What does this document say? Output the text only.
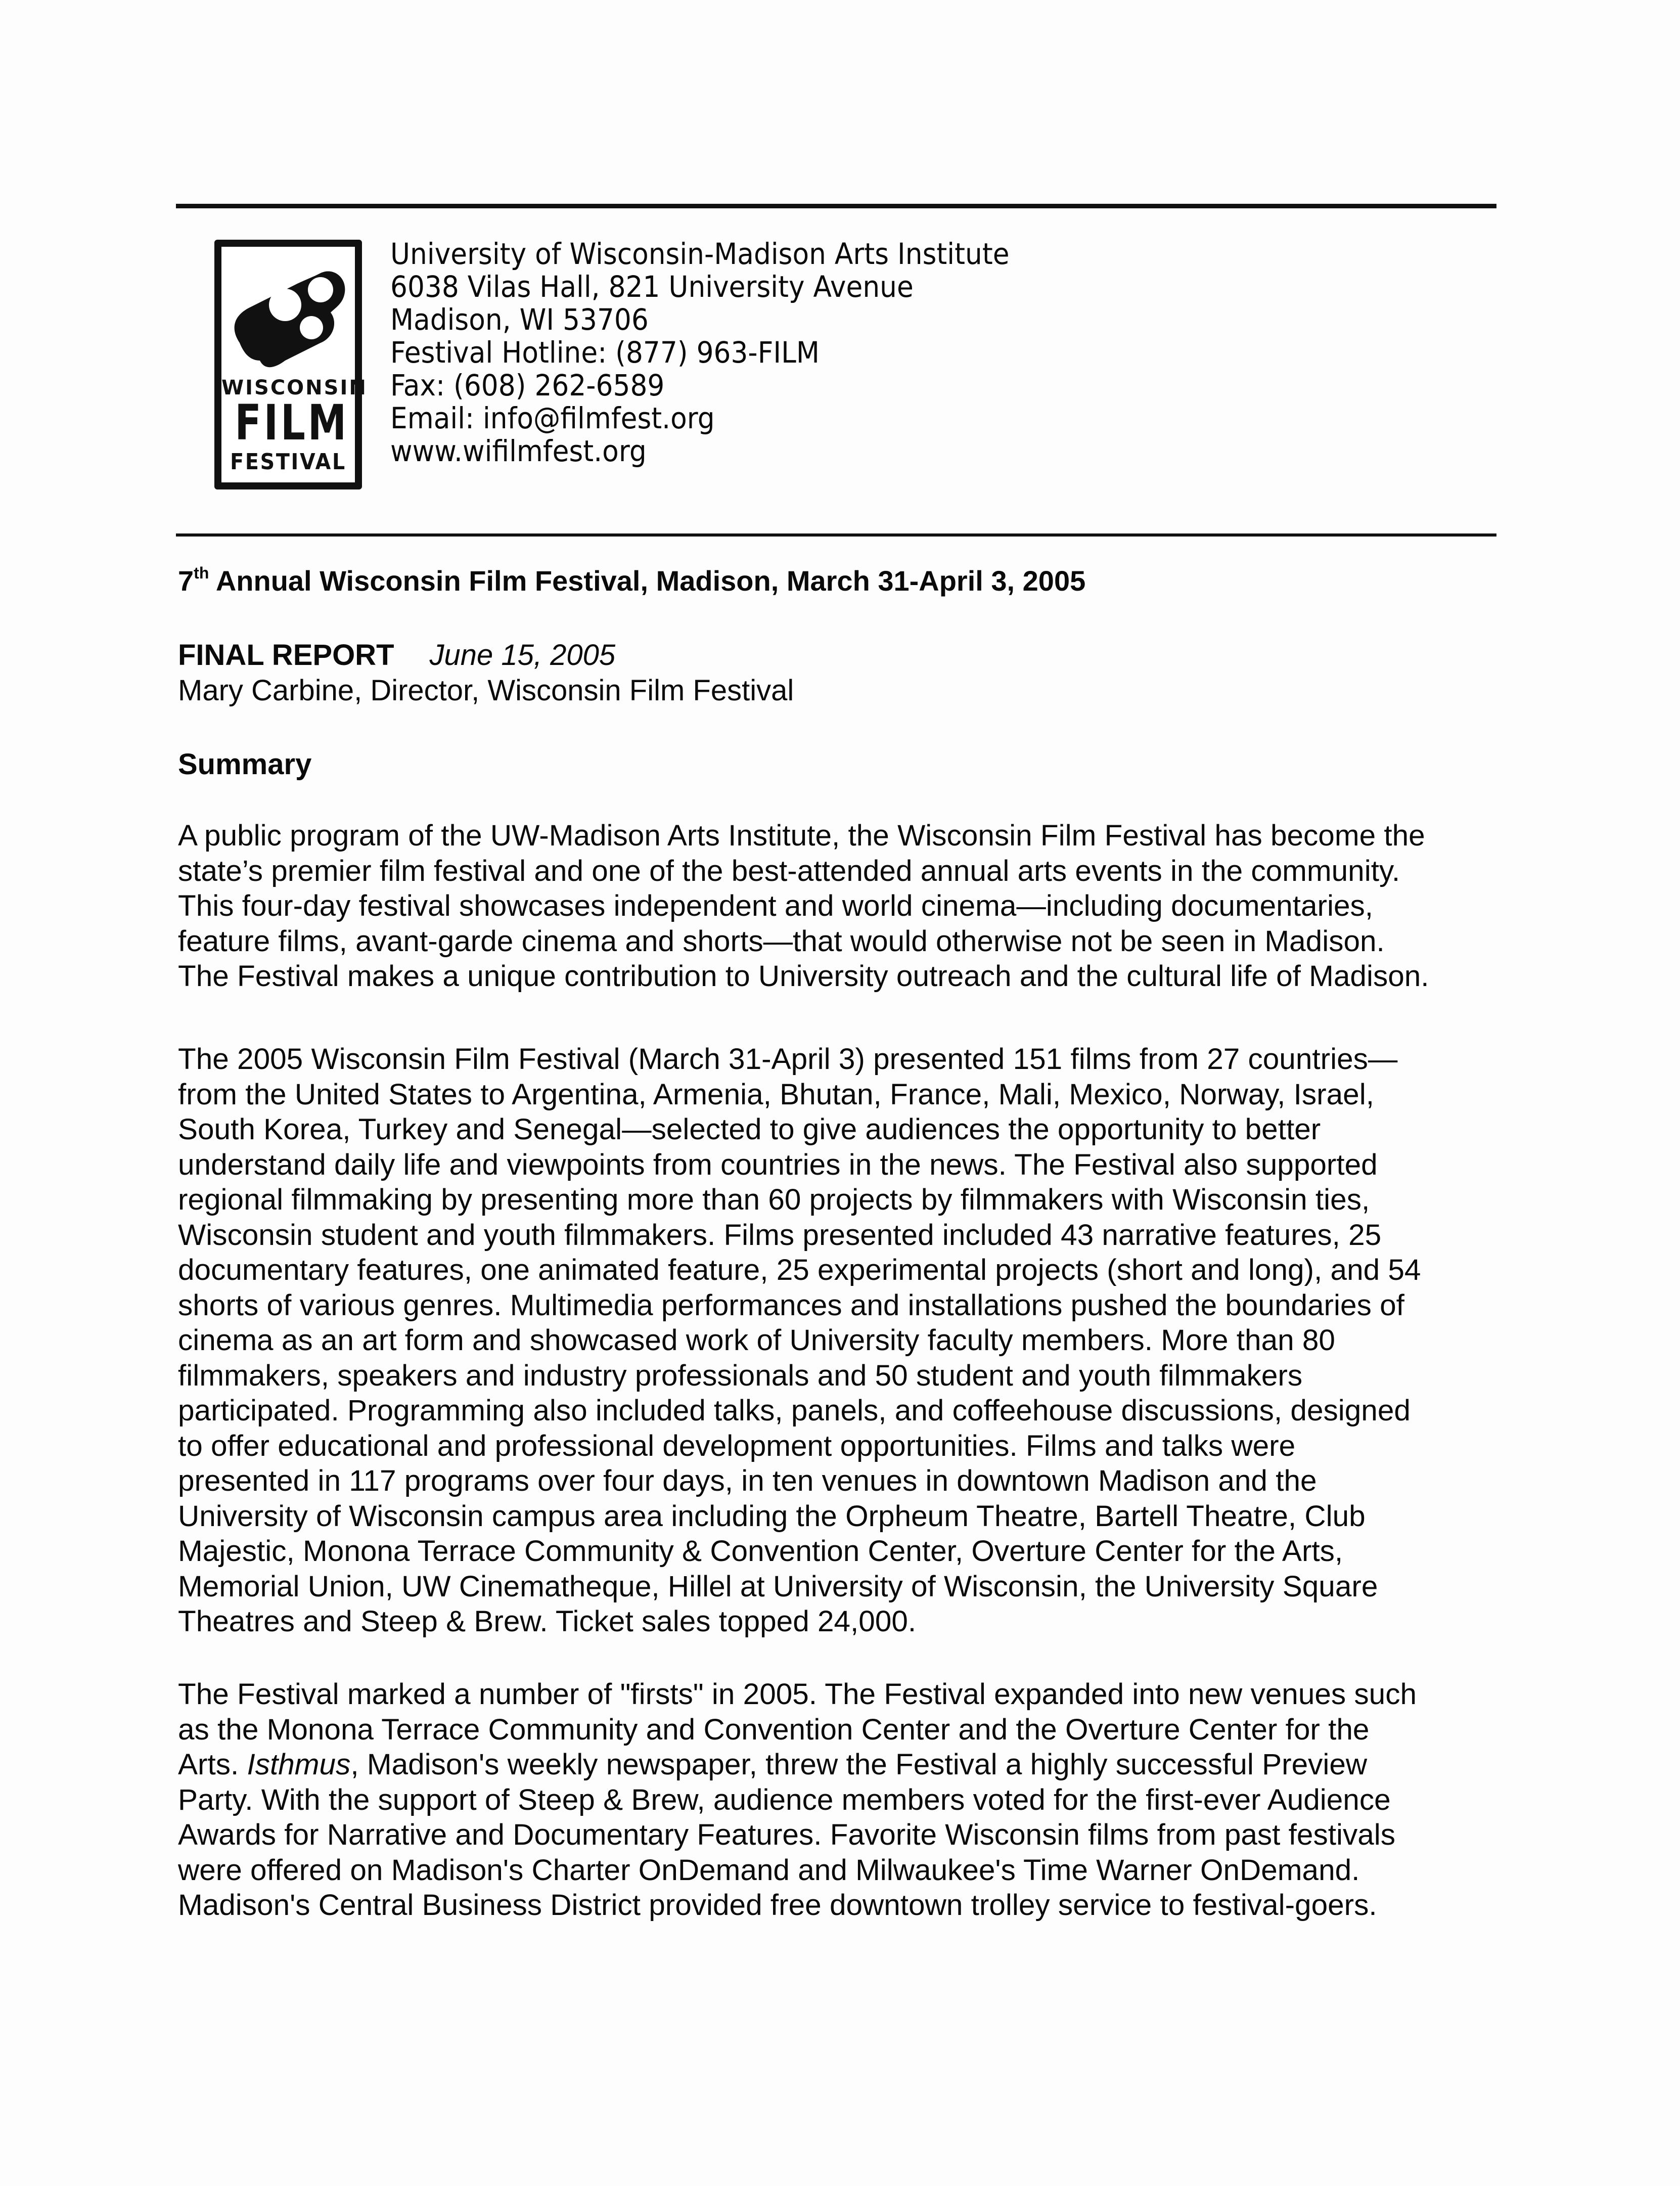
WISCONSIN
FILM
FESTIVAL
University of Wisconsin-Madison Arts Institute
6038 Vilas Hall, 821 University Avenue
Madison, WI 53706
Festival Hotline: (877) 963-FILM
Fax: (608) 262-6589
Email: info@filmfest.org
www.wifilmfest.org
7th Annual Wisconsin Film Festival, Madison, March 31-April 3, 2005
FINAL REPORT June 15, 2005
Mary Carbine, Director, Wisconsin Film Festival
Summary
A public program of the UW-Madison Arts Institute, the Wisconsin Film Festival has become the
state’s premier film festival and one of the best-attended annual arts events in the community.
This four-day festival showcases independent and world cinema—including documentaries,
feature films, avant-garde cinema and shorts—that would otherwise not be seen in Madison.
The Festival makes a unique contribution to University outreach and the cultural life of Madison.
The 2005 Wisconsin Film Festival (March 31-April 3) presented 151 films from 27 countries—
from the United States to Argentina, Armenia, Bhutan, France, Mali, Mexico, Norway, Israel,
South Korea, Turkey and Senegal—selected to give audiences the opportunity to better
understand daily life and viewpoints from countries in the news. The Festival also supported
regional filmmaking by presenting more than 60 projects by filmmakers with Wisconsin ties,
Wisconsin student and youth filmmakers. Films presented included 43 narrative features, 25
documentary features, one animated feature, 25 experimental projects (short and long), and 54
shorts of various genres. Multimedia performances and installations pushed the boundaries of
cinema as an art form and showcased work of University faculty members. More than 80
filmmakers, speakers and industry professionals and 50 student and youth filmmakers
participated. Programming also included talks, panels, and coffeehouse discussions, designed
to offer educational and professional development opportunities. Films and talks were
presented in 117 programs over four days, in ten venues in downtown Madison and the
University of Wisconsin campus area including the Orpheum Theatre, Bartell Theatre, Club
Majestic, Monona Terrace Community & Convention Center, Overture Center for the Arts,
Memorial Union, UW Cinematheque, Hillel at University of Wisconsin, the University Square
Theatres and Steep & Brew. Ticket sales topped 24,000.
The Festival marked a number of "firsts" in 2005. The Festival expanded into new venues such
as the Monona Terrace Community and Convention Center and the Overture Center for the
Arts. Isthmus, Madison's weekly newspaper, threw the Festival a highly successful Preview
Party. With the support of Steep & Brew, audience members voted for the first-ever Audience
Awards for Narrative and Documentary Features. Favorite Wisconsin films from past festivals
were offered on Madison's Charter OnDemand and Milwaukee's Time Warner OnDemand.
Madison's Central Business District provided free downtown trolley service to festival-goers.
